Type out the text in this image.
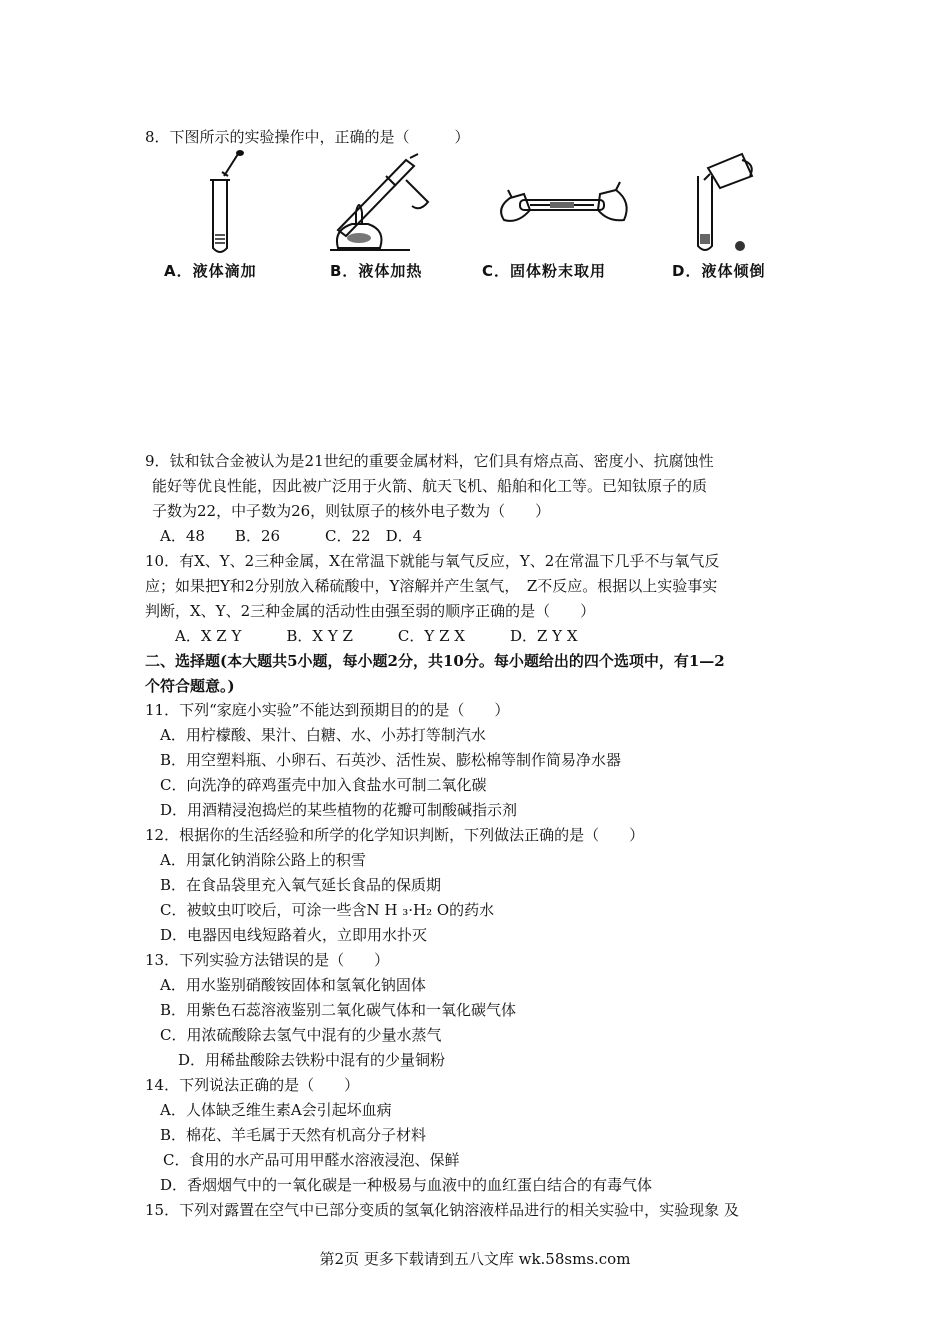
8．下图所示的实验操作中，正确的是（　　　）
A．液体滴加	B．液体加热	C．固体粉末取用	D．液体倾倒
9．钛和钛合金被认为是21世纪的重要金属材料，它们具有熔点高、密度小、抗腐蚀性
能好等优良性能，因此被广泛用于火箭、航天飞机、船舶和化工等。已知钛原子的质
子数为22，中子数为26，则钛原子的核外电子数为（　　）
A．48　　B．26　　　C．22　D．4
10．有X、Y、2三种金属，X在常温下就能与氧气反应，Y、2在常温下几乎不与氧气反
应；如果把Y和2分别放入稀硫酸中，Y溶解并产生氢气，　Z不反应。根据以上实验事实
判断，X、Y、2三种金属的活动性由强至弱的顺序正确的是（　　）
A．X Z Y　　　B．X Y Z　　　C．Y Z X　　　D．Z Y X
二、选择题(本大题共5小题，每小题2分，共10分。每小题给出的四个选项中，有1—2
个符合题意。)
11．下列“家庭小实验”不能达到预期目的的是（　　）
A．用柠檬酸、果汁、白糖、水、小苏打等制汽水
B．用空塑料瓶、小卵石、石英沙、活性炭、膨松棉等制作简易净水器
C．向洗净的碎鸡蛋壳中加入食盐水可制二氧化碳
D．用酒精浸泡捣烂的某些植物的花瓣可制酸碱指示剂
12．根据你的生活经验和所学的化学知识判断，下列做法正确的是（　　）
A．用氯化钠消除公路上的积雪
B．在食品袋里充入氧气延长食品的保质期
C．被蚊虫叮咬后，可涂一些含N H ₃·H₂ O的药水
D．电器因电线短路着火，立即用水扑灭
13．下列实验方法错误的是（　　）
A．用水鉴别硝酸铵固体和氢氧化钠固体
B．用紫色石蕊溶液鉴别二氧化碳气体和一氧化碳气体
C．用浓硫酸除去氢气中混有的少量水蒸气
D．用稀盐酸除去铁粉中混有的少量铜粉
14．下列说法正确的是（　　）
A．人体缺乏维生素A会引起坏血病
B．棉花、羊毛属于天然有机高分子材料
C．食用的水产品可用甲醛水溶液浸泡、保鲜
D．香烟烟气中的一氧化碳是一种极易与血液中的血红蛋白结合的有毒气体
15．下列对露置在空气中已部分变质的氢氧化钠溶液样品进行的相关实验中，实验现象 及
第2页 更多下载请到五八文库 wk.58sms.com
